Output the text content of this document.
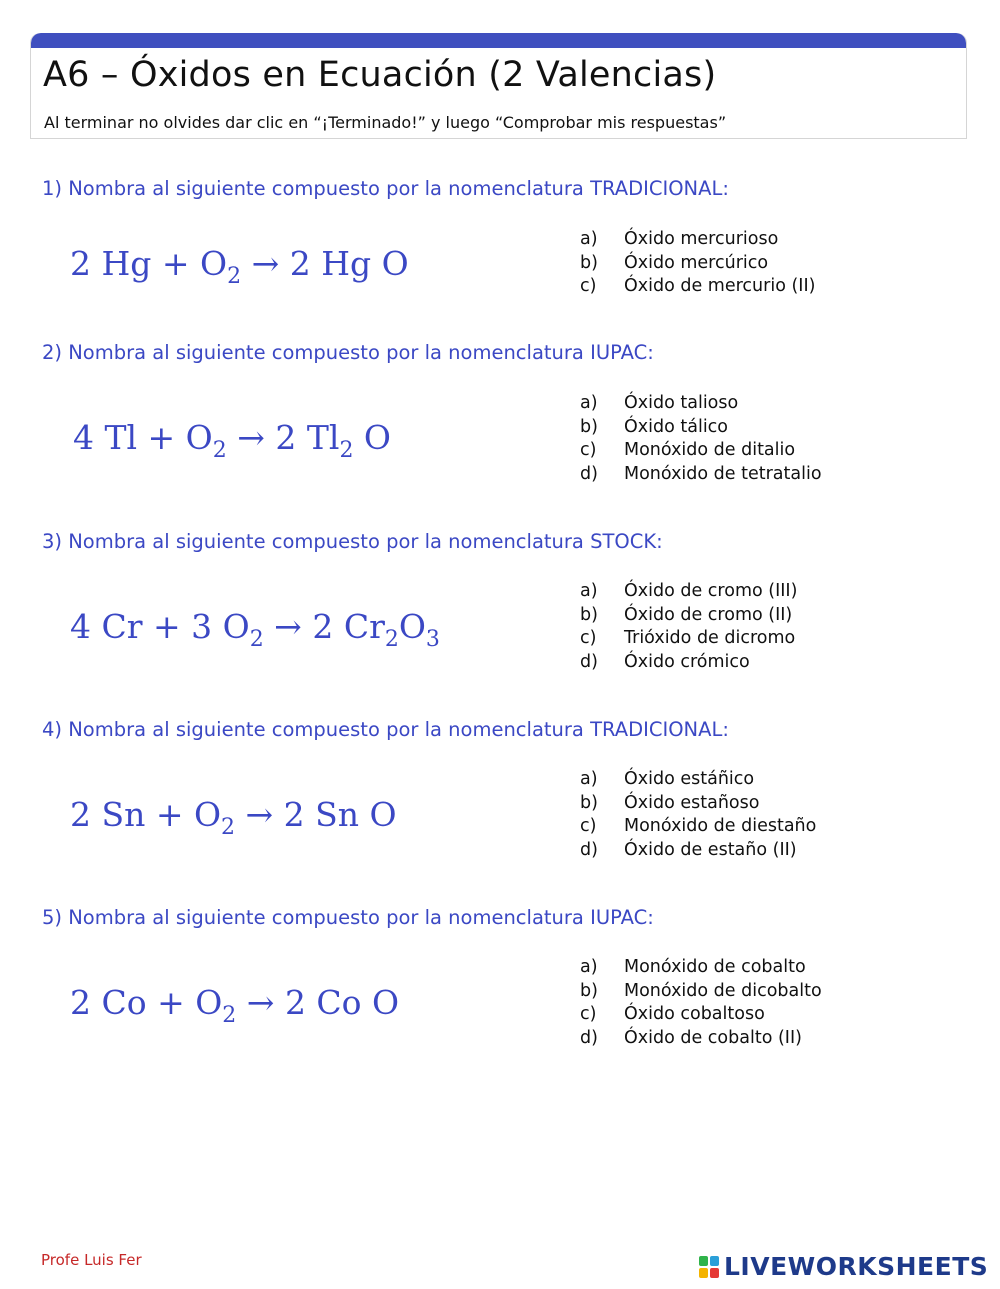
A6 – Óxidos en Ecuación (2 Valencias)
Al terminar no olvides dar clic en “¡Terminado!” y luego “Comprobar mis respuestas”
1) Nombra al siguiente compuesto por la nomenclatura TRADICIONAL:
2 $Hg + O_2 \to 2$ Hg O
a)	Óxido mercurioso
b)	Óxido mercúrico
c)	Óxido de mercurio (II)
2) Nombra al siguiente compuesto por la nomenclatura IUPAC:
4 $Tl + O_2 \to 2$ $Tl_2$ O
a)	Óxido talioso
b)	Óxido tálico
c)	Monóxido de ditalio
d)	Monóxido de tetratalio
3) Nombra al siguiente compuesto por la nomenclatura STOCK:
4 Cr + 3 $O_2 \to 2$ $Cr_2O_3$
a)	Óxido de cromo (III)
b)	Óxido de cromo (II)
c)	Trióxido de dicromo
d)	Óxido crómico
4) Nombra al siguiente compuesto por la nomenclatura TRADICIONAL:
2 $Sn + O_2 \to 2$ Sn O
a)	Óxido estáñico
b)	Óxido estañoso
c)	Monóxido de diestaño
d)	Óxido de estaño (II)
5) Nombra al siguiente compuesto por la nomenclatura IUPAC:
2 $Co + O_2 \to 2$ Co O
a)	Monóxido de cobalto
b)	Monóxido de dicobalto
c)	Óxido cobaltoso
d)	Óxido de cobalto (II)
Profe Luis Fer	LIVEWORKSHEETS
